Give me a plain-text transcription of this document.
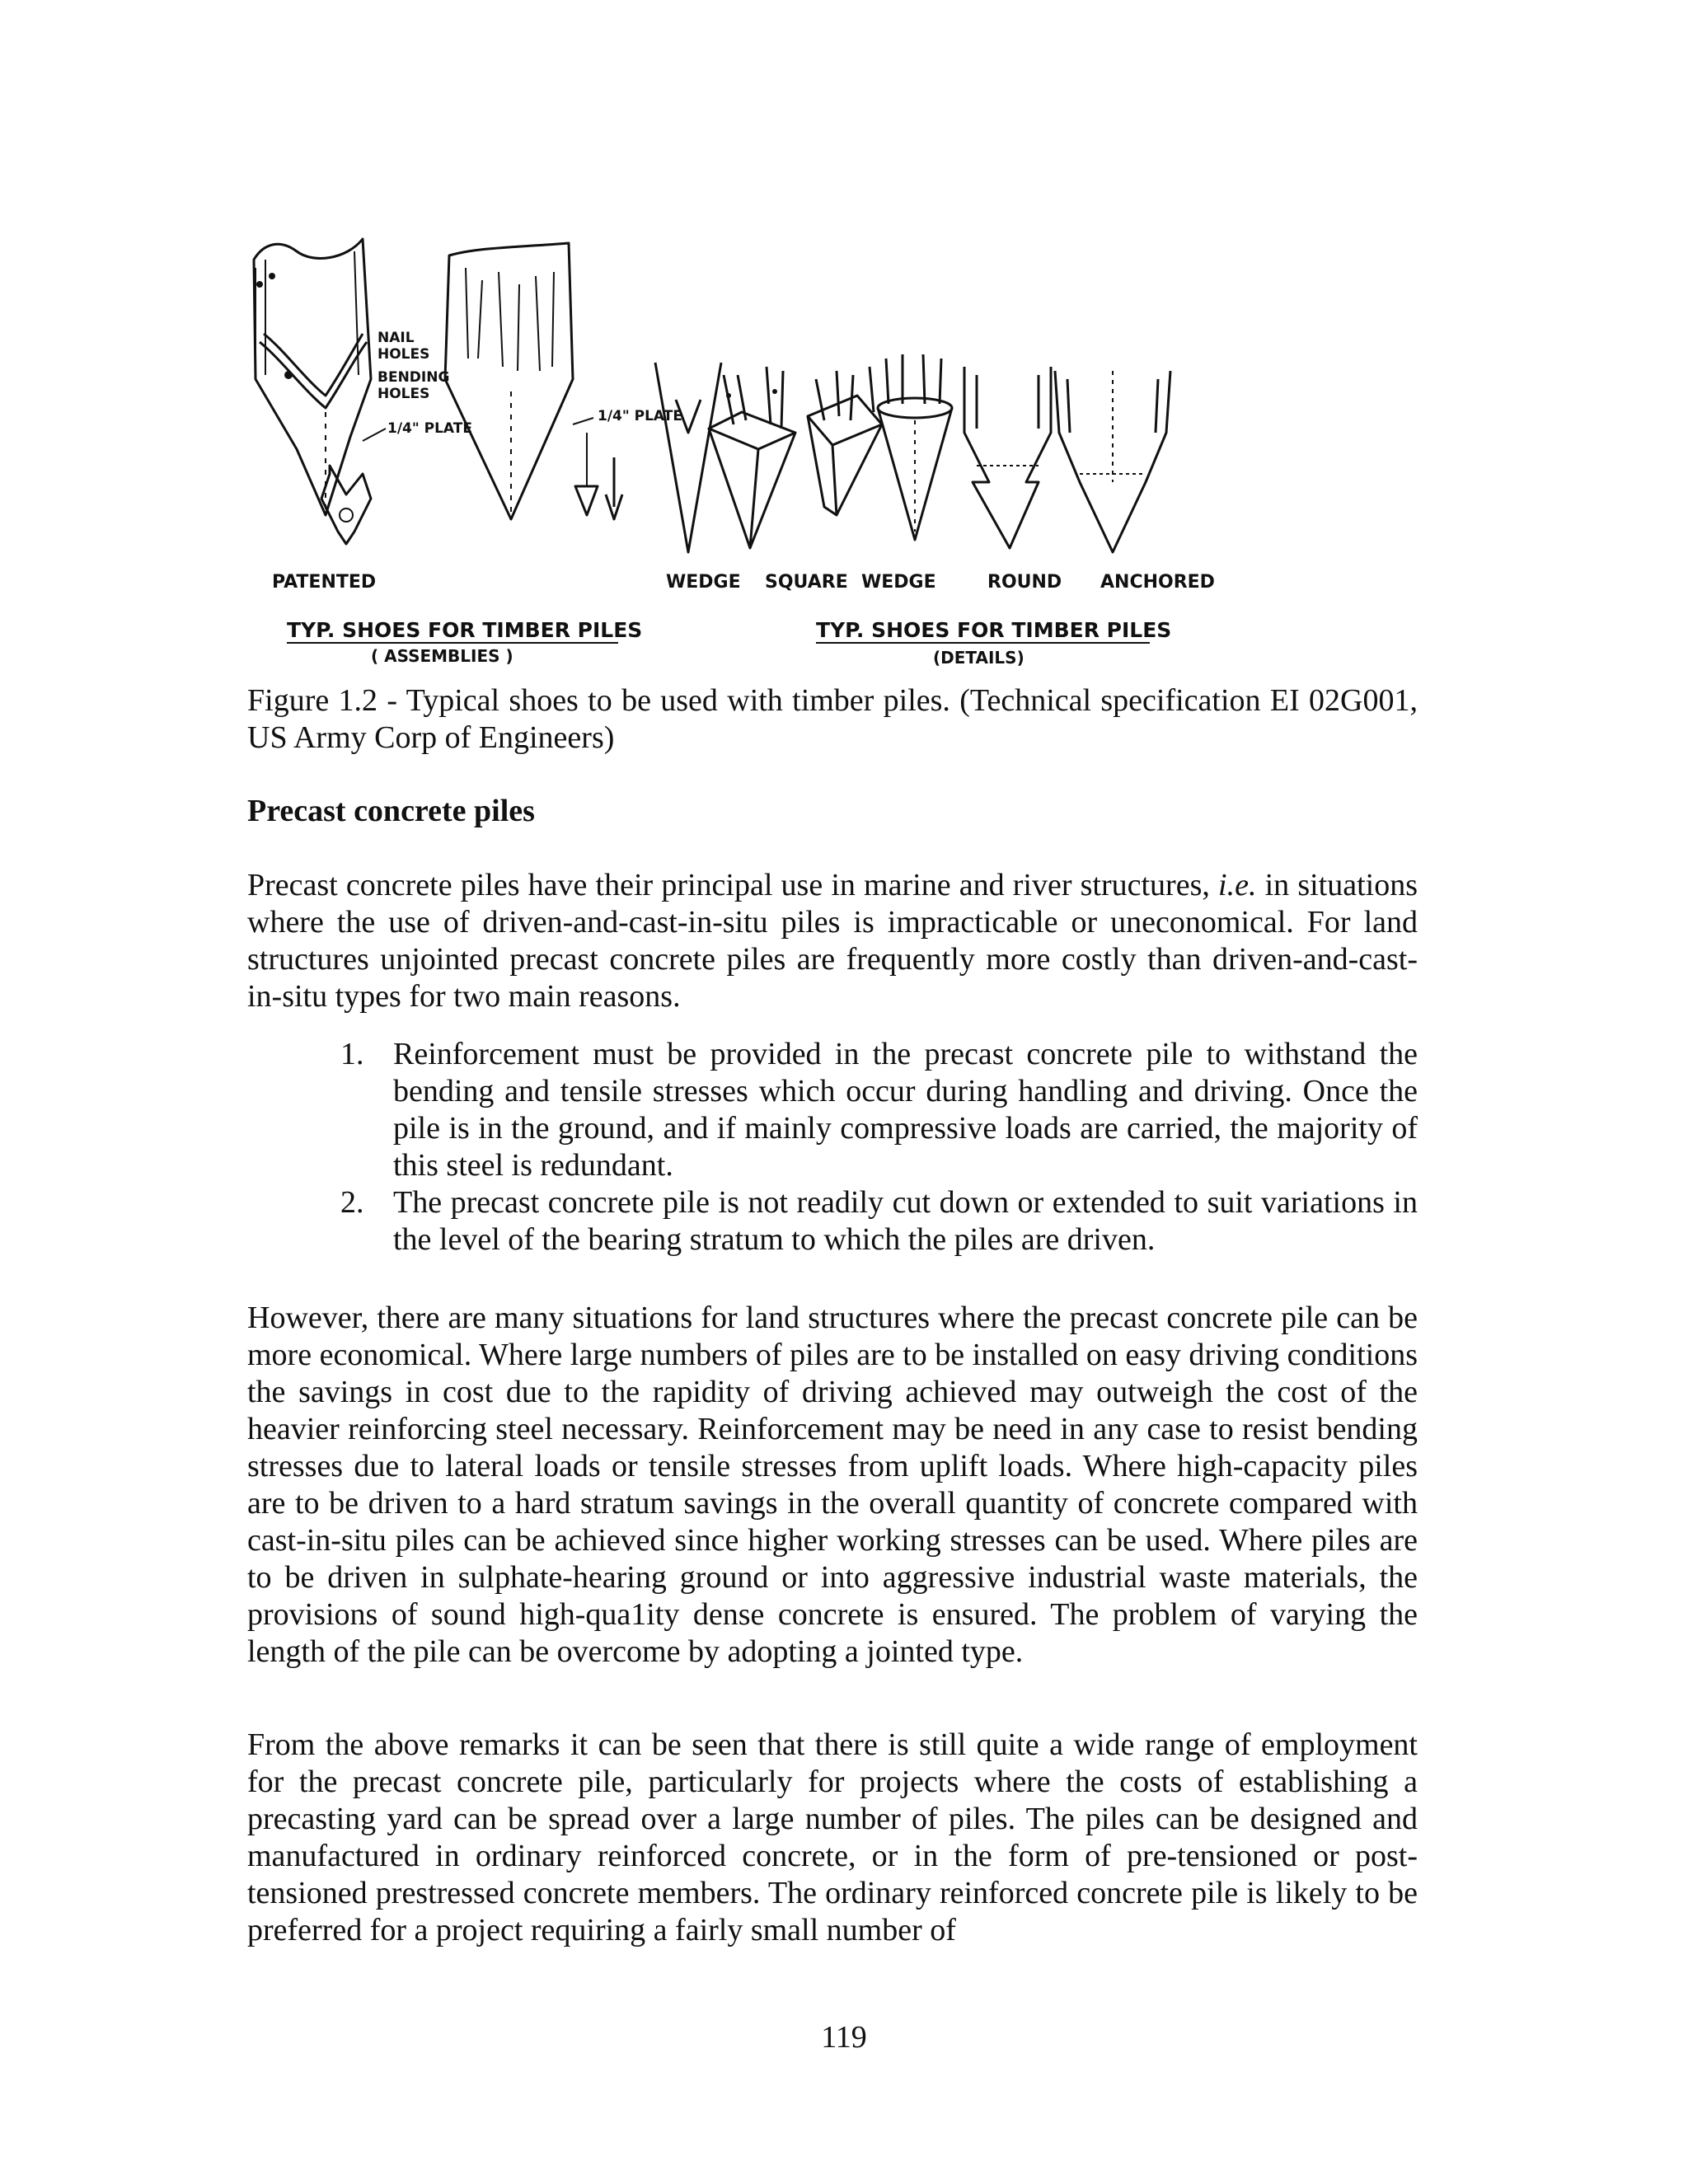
NAIL
HOLES
BENDING
HOLES
1/4" PLATE
1/4" PLATE
PATENTED	WEDGE SQUARE WEDGE	ROUND ANCHORED
TYP. SHOES FOR TIMBER PILES
( ASSEMBLIES )
TYP. SHOES FOR TIMBER PILES
(DETAILS)
Figure 1.2 - Typical shoes to be used with timber piles. (Technical specification EI 02G001, US Army Corp of Engineers)
Precast concrete piles
Precast concrete piles have their principal use in marine and river structures, i.e. in situations where the use of driven-and-cast-in-situ piles is impracticable or uneconomical. For land structures unjointed precast concrete piles are frequently more costly than driven-and-cast-in-situ types for two main reasons.
1. Reinforcement must be provided in the precast concrete pile to withstand the bending and tensile stresses which occur during handling and driving. Once the pile is in the ground, and if mainly compressive loads are carried, the majority of this steel is redundant.
2. The precast concrete pile is not readily cut down or extended to suit variations in the level of the bearing stratum to which the piles are driven.
However, there are many situations for land structures where the precast concrete pile can be more economical. Where large numbers of piles are to be installed on easy driving conditions the savings in cost due to the rapidity of driving achieved may outweigh the cost of the heavier reinforcing steel necessary. Reinforcement may be need in any case to resist bending stresses due to lateral loads or tensile stresses from uplift loads. Where high-capacity piles are to be driven to a hard stratum savings in the overall quantity of concrete compared with cast-in-situ piles can be achieved since higher working stresses can be used. Where piles are to be driven in sulphate-hearing ground or into aggressive industrial waste materials, the provisions of sound high-qua1ity dense concrete is ensured. The problem of varying the length of the pile can be overcome by adopting a jointed type.
From the above remarks it can be seen that there is still quite a wide range of employment for the precast concrete pile, particularly for projects where the costs of establishing a precasting yard can be spread over a large number of piles. The piles can be designed and manufactured in ordinary reinforced concrete, or in the form of pre-tensioned or post-tensioned prestressed concrete members. The ordinary reinforced concrete pile is likely to be preferred for a project requiring a fairly small number of
119
